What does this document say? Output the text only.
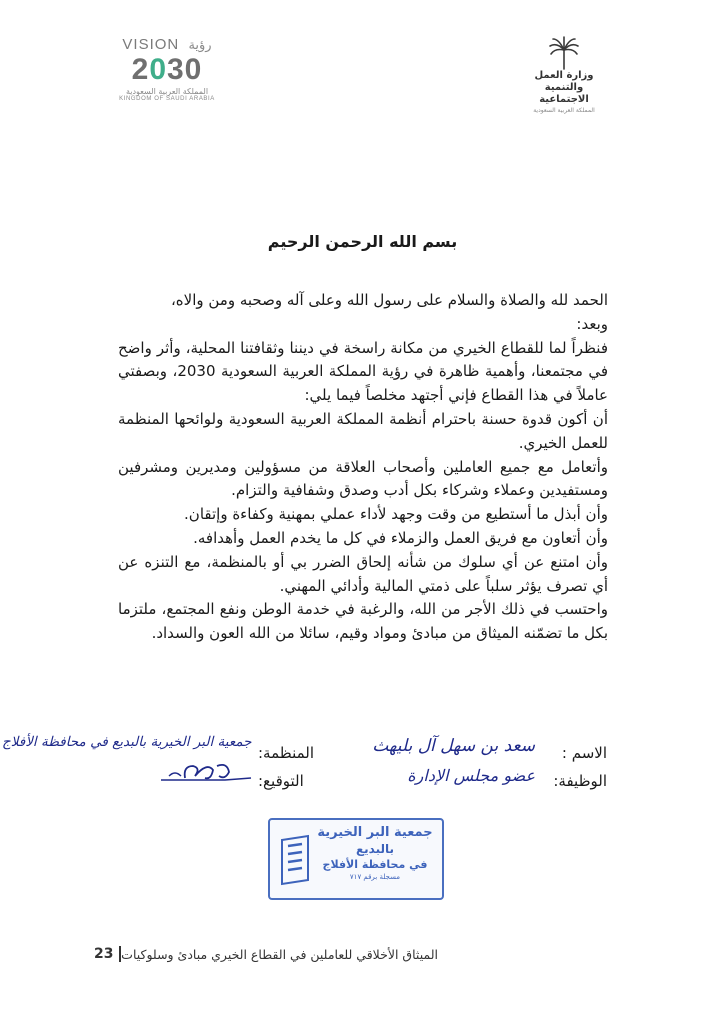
VISION رؤية
2030
المملكة العربية السعودية
KINGDOM OF SAUDI ARABIA
وزارة العمل
والتنمية الاجتماعية
المملكة العربية السعودية
بسم الله الرحمن الرحيم

الحمد لله والصلاة والسلام على رسول الله وعلى آله وصحبه ومن والاه،

وبعد:

فنظراً لما للقطاع الخيري من مكانة راسخة في ديننا وثقافتنا المحلية، وأثر واضح في مجتمعنا، وأهمية ظاهرة في رؤية المملكة العربية السعودية 2030، وبصفتي عاملاً في هذا القطاع فإني أجتهد مخلصاً فيما يلي:

أن أكون قدوة حسنة باحترام أنظمة المملكة العربية السعودية ولوائحها المنظمة للعمل الخيري.

وأتعامل مع جميع العاملين وأصحاب العلاقة من مسؤولين ومديرين ومشرفين ومستفيدين وعملاء وشركاء بكل أدب وصدق وشفافية والتزام.

وأن أبذل ما أستطيع من وقت وجهد لأداء عملي بمهنية وكفاءة وإتقان.

وأن أتعاون مع فريق العمل والزملاء في كل ما يخدم العمل وأهدافه.

وأن امتنع عن أي سلوك من شأنه إلحاق الضرر بي أو بالمنظمة، مع التنزه عن أي تصرف يؤثر سلباً على ذمتي المالية وأدائي المهني.

واحتسب في ذلك الأجر من الله، والرغبة في خدمة الوطن ونفع المجتمع، ملتزما بكل ما تضمّنه الميثاق من مبادئ ومواد وقيم، سائلا من الله العون والسداد.

الاسم :
سعد بن سهل آل بليهث
الوظيفة:
عضو مجلس الإدارة
المنظمة:
جمعية البر الخيرية بالبديع في محافظة الأفلاج
التوقيع:
جمعية البر الخيرية
بالبديع
في محافظة الأفلاج
مسجلة برقم ٧١٧
الميثاق الأخلاقي للعاملين في القطاع الخيري مبادئ وسلوكيات
23
